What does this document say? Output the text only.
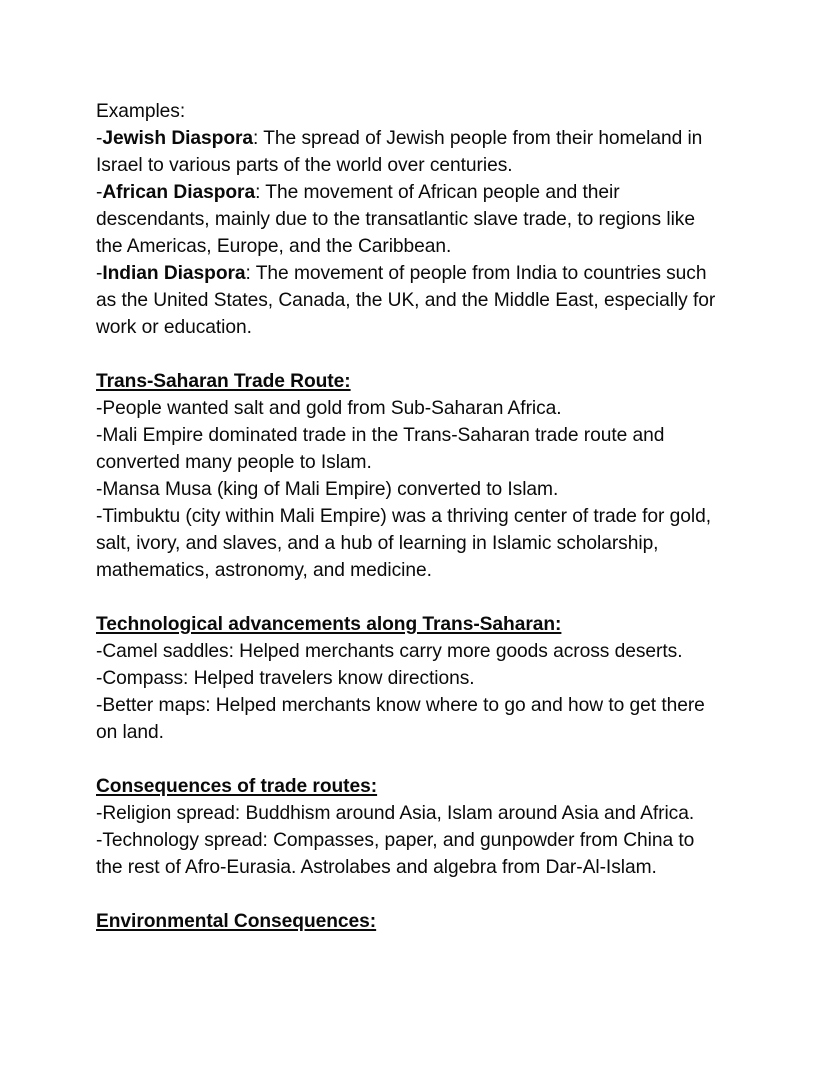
Examples:
-Jewish Diaspora: The spread of Jewish people from their homeland in Israel to various parts of the world over centuries.
-African Diaspora: The movement of African people and their descendants, mainly due to the transatlantic slave trade, to regions like the Americas, Europe, and the Caribbean.
-Indian Diaspora: The movement of people from India to countries such as the United States, Canada, the UK, and the Middle East, especially for work or education.
Trans-Saharan Trade Route:
-People wanted salt and gold from Sub-Saharan Africa.
-Mali Empire dominated trade in the Trans-Saharan trade route and converted many people to Islam.
-Mansa Musa (king of Mali Empire) converted to Islam.
-Timbuktu (city within Mali Empire) was a thriving center of trade for gold, salt, ivory, and slaves, and a hub of learning in Islamic scholarship, mathematics, astronomy, and medicine.
Technological advancements along Trans-Saharan:
-Camel saddles: Helped merchants carry more goods across deserts.
-Compass: Helped travelers know directions.
-Better maps: Helped merchants know where to go and how to get there on land.
Consequences of trade routes:
-Religion spread: Buddhism around Asia, Islam around Asia and Africa.
-Technology spread: Compasses, paper, and gunpowder from China to the rest of Afro-Eurasia. Astrolabes and algebra from Dar-Al-Islam.
Environmental Consequences:
